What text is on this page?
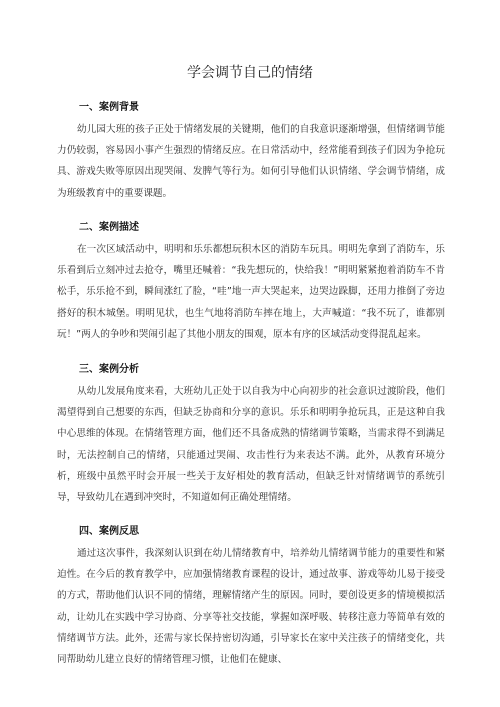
学会调节自己的情绪
一、案例背景
幼儿园大班的孩子正处于情绪发展的关键期，他们的自我意识逐渐增强，但情绪调节能力仍较弱，容易因小事产生强烈的情绪反应。在日常活动中，经常能看到孩子们因为争抢玩具、游戏失败等原因出现哭闹、发脾气等行为。如何引导他们认识情绪、学会调节情绪，成为班级教育中的重要课题。
二、案例描述
在一次区域活动中，明明和乐乐都想玩积木区的消防车玩具。明明先拿到了消防车，乐乐看到后立刻冲过去抢夺，嘴里还喊着：“我先想玩的，快给我！”明明紧紧抱着消防车不肯松手，乐乐抢不到，瞬间涨红了脸，“哇”地一声大哭起来，边哭边跺脚，还用力推倒了旁边搭好的积木城堡。明明见状，也生气地将消防车摔在地上，大声喊道：“我不玩了，谁都别玩！”两人的争吵和哭闹引起了其他小朋友的围观，原本有序的区域活动变得混乱起来。
三、案例分析
从幼儿发展角度来看，大班幼儿正处于以自我为中心向初步的社会意识过渡阶段，他们渴望得到自己想要的东西，但缺乏协商和分享的意识。乐乐和明明争抢玩具，正是这种自我中心思维的体现。在情绪管理方面，他们还不具备成熟的情绪调节策略，当需求得不到满足时，无法控制自己的情绪，只能通过哭闹、攻击性行为来表达不满。此外，从教育环境分析，班级中虽然平时会开展一些关于友好相处的教育活动，但缺乏针对情绪调节的系统引导，导致幼儿在遇到冲突时，不知道如何正确处理情绪。
四、案例反思
通过这次事件，我深刻认识到在幼儿情绪教育中，培养幼儿情绪调节能力的重要性和紧迫性。在今后的教育教学中，应加强情绪教育课程的设计，通过故事、游戏等幼儿易于接受的方式，帮助他们认识不同的情绪，理解情绪产生的原因。同时，要创设更多的情境模拟活动，让幼儿在实践中学习协商、分享等社交技能，掌握如深呼吸、转移注意力等简单有效的情绪调节方法。此外，还需与家长保持密切沟通，引导家长在家中关注孩子的情绪变化，共同帮助幼儿建立良好的情绪管理习惯，让他们在健康、
